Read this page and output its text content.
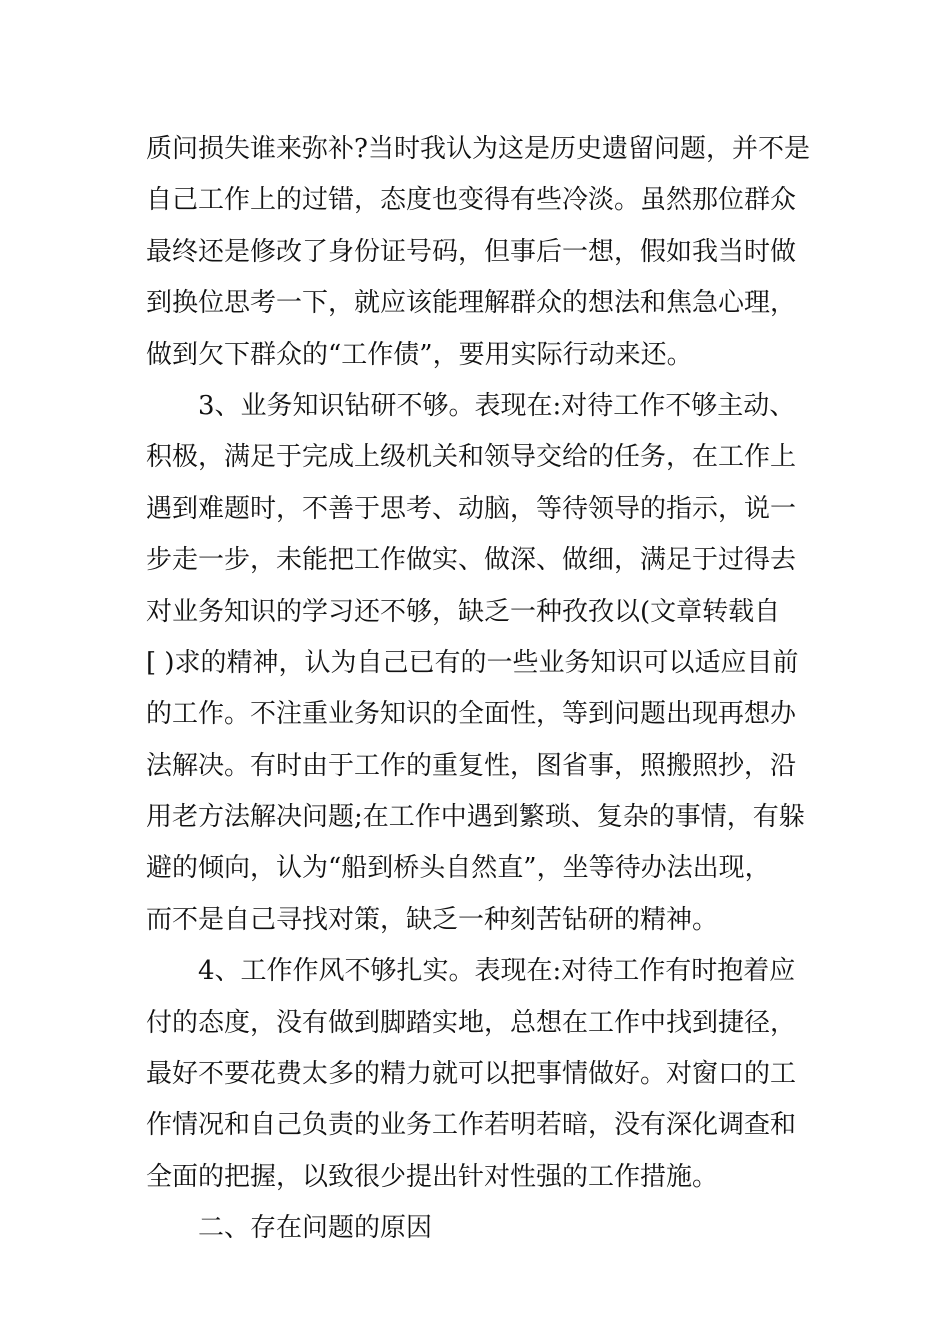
质问损失谁来弥补?当时我认为这是历史遗留问题，并不是
自己工作上的过错，态度也变得有些冷淡。虽然那位群众
最终还是修改了身份证号码，但事后一想，假如我当时做
到换位思考一下，就应该能理解群众的想法和焦急心理，
做到欠下群众的“工作债”，要用实际行动来还。
3、业务知识钻研不够。表现在:对待工作不够主动、
积极，满足于完成上级机关和领导交给的任务，在工作上
遇到难题时，不善于思考、动脑，等待领导的指示，说一
步走一步，未能把工作做实、做深、做细，满足于过得去
对业务知识的学习还不够，缺乏一种孜孜以(文章转载自
[ )求的精神，认为自己已有的一些业务知识可以适应目前
的工作。不注重业务知识的全面性，等到问题出现再想办
法解决。有时由于工作的重复性，图省事，照搬照抄，沿
用老方法解决问题;在工作中遇到繁琐、复杂的事情，有躲
避的倾向，认为“船到桥头自然直”，坐等待办法出现，
而不是自己寻找对策，缺乏一种刻苦钻研的精神。
4、工作作风不够扎实。表现在:对待工作有时抱着应
付的态度，没有做到脚踏实地，总想在工作中找到捷径，
最好不要花费太多的精力就可以把事情做好。对窗口的工
作情况和自己负责的业务工作若明若暗，没有深化调查和
全面的把握，以致很少提出针对性强的工作措施。
二、存在问题的原因
